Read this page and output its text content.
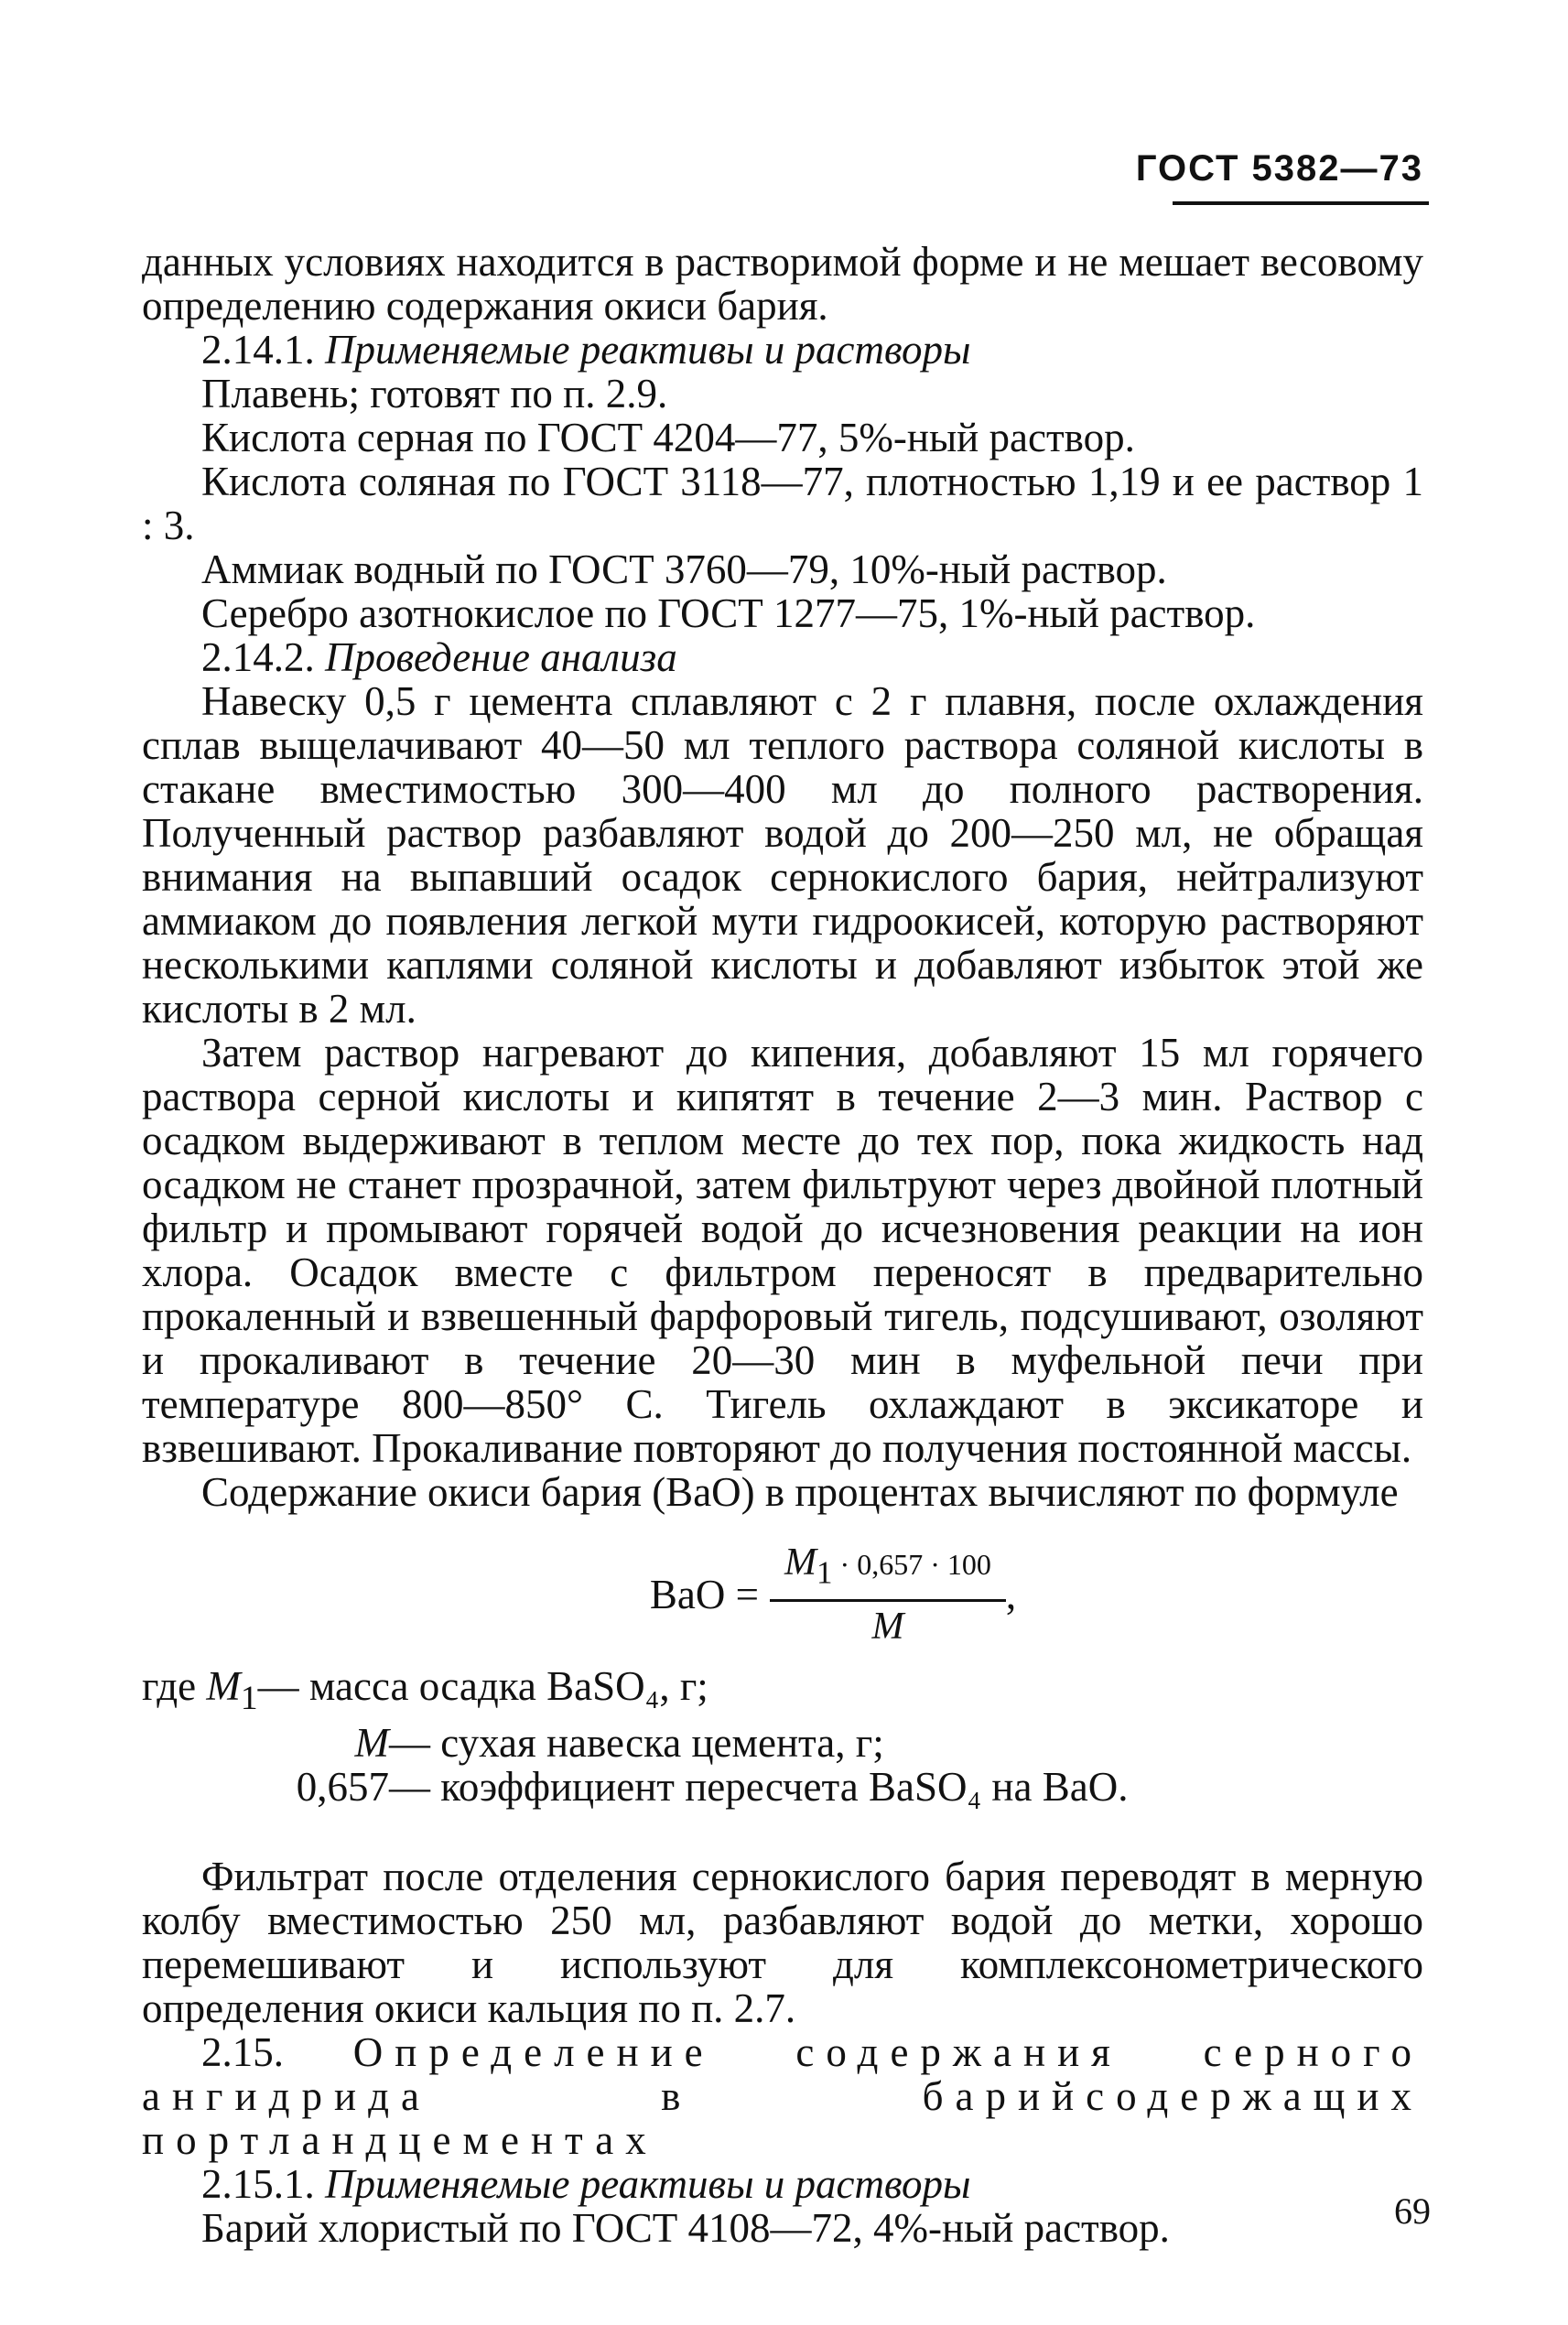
ГОСТ 5382—73

данных условиях находится в растворимой форме и не мешает весовому определению содержания окиси бария.

2.14.1. Применяемые реактивы и растворы

Плавень; готовят по п. 2.9.

Кислота серная по ГОСТ 4204—77, 5%-ный раствор.

Кислота соляная по ГОСТ 3118—77, плотностью 1,19 и ее раствор 1 : 3.

Аммиак водный по ГОСТ 3760—79, 10%-ный раствор.

Серебро азотнокислое по ГОСТ 1277—75, 1%-ный раствор.

2.14.2. Проведение анализа

Навеску 0,5 г цемента сплавляют с 2 г плавня, после охлаждения сплав выщелачивают 40—50 мл теплого раствора соляной кислоты в стакане вместимостью 300—400 мл до полного растворения. Полученный раствор разбавляют водой до 200—250 мл, не обращая внимания на выпавший осадок сернокислого бария, нейтрализуют аммиаком до появления легкой мути гидроокисей, которую растворяют несколькими каплями соляной кислоты и добавляют избыток этой же кислоты в 2 мл.

Затем раствор нагревают до кипения, добавляют 15 мл горячего раствора серной кислоты и кипятят в течение 2—3 мин. Раствор с осадком выдерживают в теплом месте до тех пор, пока жидкость над осадком не станет прозрачной, затем фильтруют через двойной плотный фильтр и промывают горячей водой до исчезновения реакции на ион хлора. Осадок вместе с фильтром переносят в предварительно прокаленный и взвешенный фарфоровый тигель, подсушивают, озоляют и прокаливают в течение 20—30 мин в муфельной печи при температуре 800—850° С. Тигель охлаждают в эксикаторе и взвешивают. Прокаливание повторяют до получения постоянной массы.

Содержание окиси бария (BaO) в процентах вычисляют по формуле

BaO = $\frac{M_1 \cdot 0,657 \cdot 100}{M}$ ,
где
$M_1$ — масса осадка BaSO₄, г;
M — сухая навеска цемента, г;
0,657 — коэффициент пересчета BaSO₄ на BaO.

Фильтрат после отделения сернокислого бария переводят в мерную колбу вместимостью 250 мл, разбавляют водой до метки, хорошо перемешивают и используют для комплексонометрического определения окиси кальция по п. 2.7.

2.15. Определение содержания серного ангидрида в барийсодержащих портландцементах

2.15.1. Применяемые реактивы и растворы

Барий хлористый по ГОСТ 4108—72, 4%-ный раствор.	69
